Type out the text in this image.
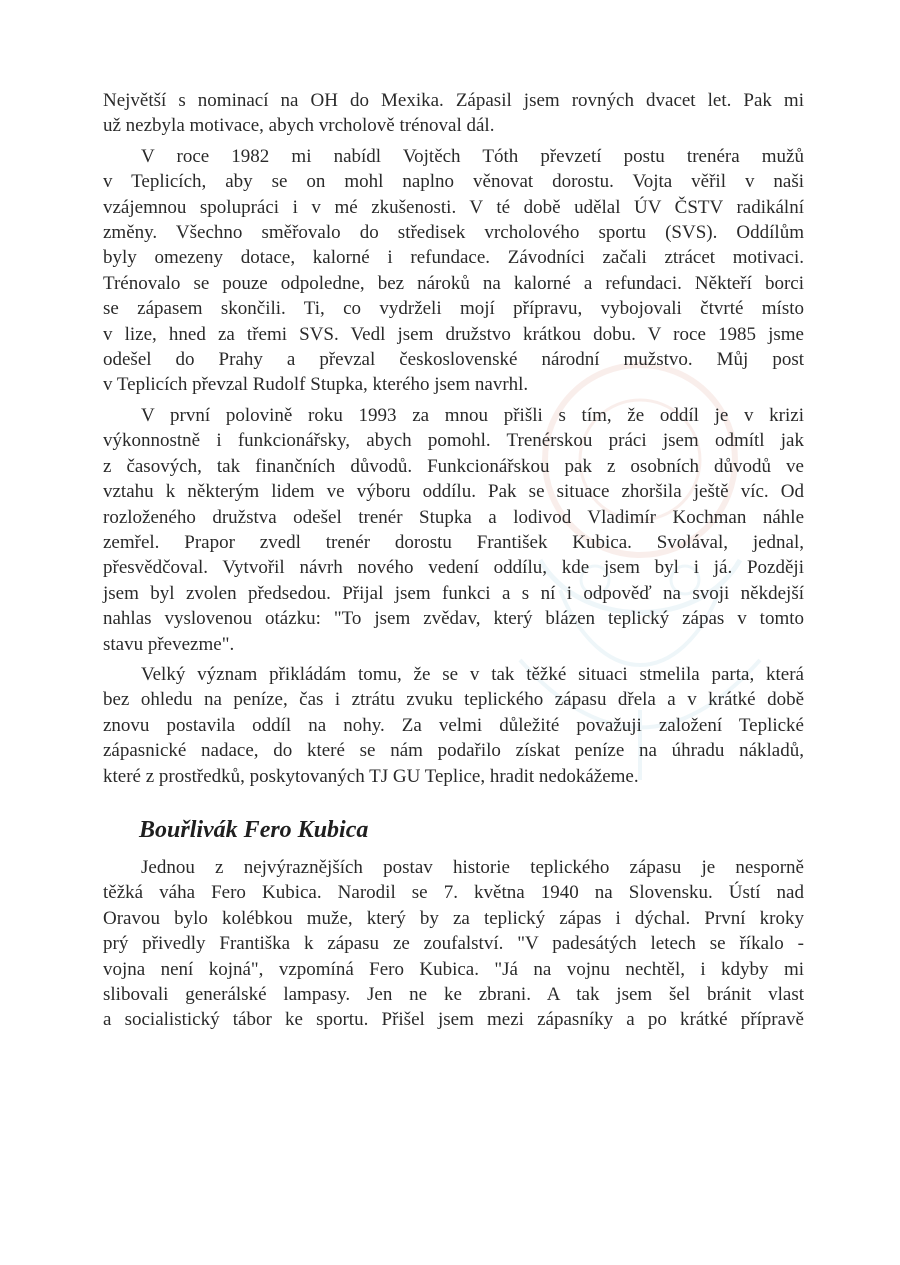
Největší s nominací na OH do Mexika. Zápasil jsem rovných dvacet let. Pak mi
už nezbyla motivace, abych vrcholově trénoval dál.

V roce 1982 mi nabídl Vojtěch Tóth převzetí postu trenéra mužů
v Teplicích, aby se on mohl naplno věnovat dorostu. Vojta věřil v naši
vzájemnou spolupráci i v mé zkušenosti. V té době udělal ÚV ČSTV radikální
změny. Všechno směřovalo do středisek vrcholového sportu (SVS). Oddílům
byly omezeny dotace, kalorné i refundace. Závodníci začali ztrácet motivaci.
Trénovalo se pouze odpoledne, bez nároků na kalorné a refundaci. Někteří borci
se zápasem skončili. Ti, co vydrželi mojí přípravu, vybojovali čtvrté místo
v lize, hned za třemi SVS. Vedl jsem družstvo krátkou dobu. V roce 1985 jsme
odešel do Prahy a převzal československé národní mužstvo. Můj post
v Teplicích převzal Rudolf Stupka, kterého jsem navrhl.

V první polovině roku 1993 za mnou přišli s tím, že oddíl je v krizi
výkonnostně i funkcionářsky, abych pomohl. Trenérskou práci jsem odmítl jak
z časových, tak finančních důvodů. Funkcionářskou pak z osobních důvodů ve
vztahu k některým lidem ve výboru oddílu. Pak se situace zhoršila ještě víc. Od
rozloženého družstva odešel trenér Stupka a lodivod Vladimír Kochman náhle
zemřel. Prapor zvedl trenér dorostu František Kubica. Svolával, jednal,
přesvědčoval. Vytvořil návrh nového vedení oddílu, kde jsem byl i já. Později
jsem byl zvolen předsedou. Přijal jsem funkci a s ní i odpověď na svoji někdejší
nahlas vyslovenou otázku: "To jsem zvědav, který blázen teplický zápas v tomto
stavu převezme".

Velký význam přikládám tomu, že se v tak těžké situaci stmelila parta, která
bez ohledu na peníze, čas i ztrátu zvuku teplického zápasu dřela a v krátké době
znovu postavila oddíl na nohy. Za velmi důležité považuji založení Teplické
zápasnické nadace, do které se nám podařilo získat peníze na úhradu nákladů,
které z prostředků, poskytovaných TJ GU Teplice, hradit nedokážeme.

Bouřlivák Fero Kubica

Jednou z nejvýraznějších postav historie teplického zápasu je nesporně
těžká váha Fero Kubica. Narodil se 7. května 1940 na Slovensku. Ústí nad
Oravou bylo kolébkou muže, který by za teplický zápas i dýchal. První kroky
prý přivedly Františka k zápasu ze zoufalství. "V padesátých letech se říkalo -
vojna není kojná", vzpomíná Fero Kubica. "Já na vojnu nechtěl, i kdyby mi
slibovali generálské lampasy. Jen ne ke zbrani. A tak jsem šel bránit vlast
a socialistický tábor ke sportu. Přišel jsem mezi zápasníky a po krátké přípravě
